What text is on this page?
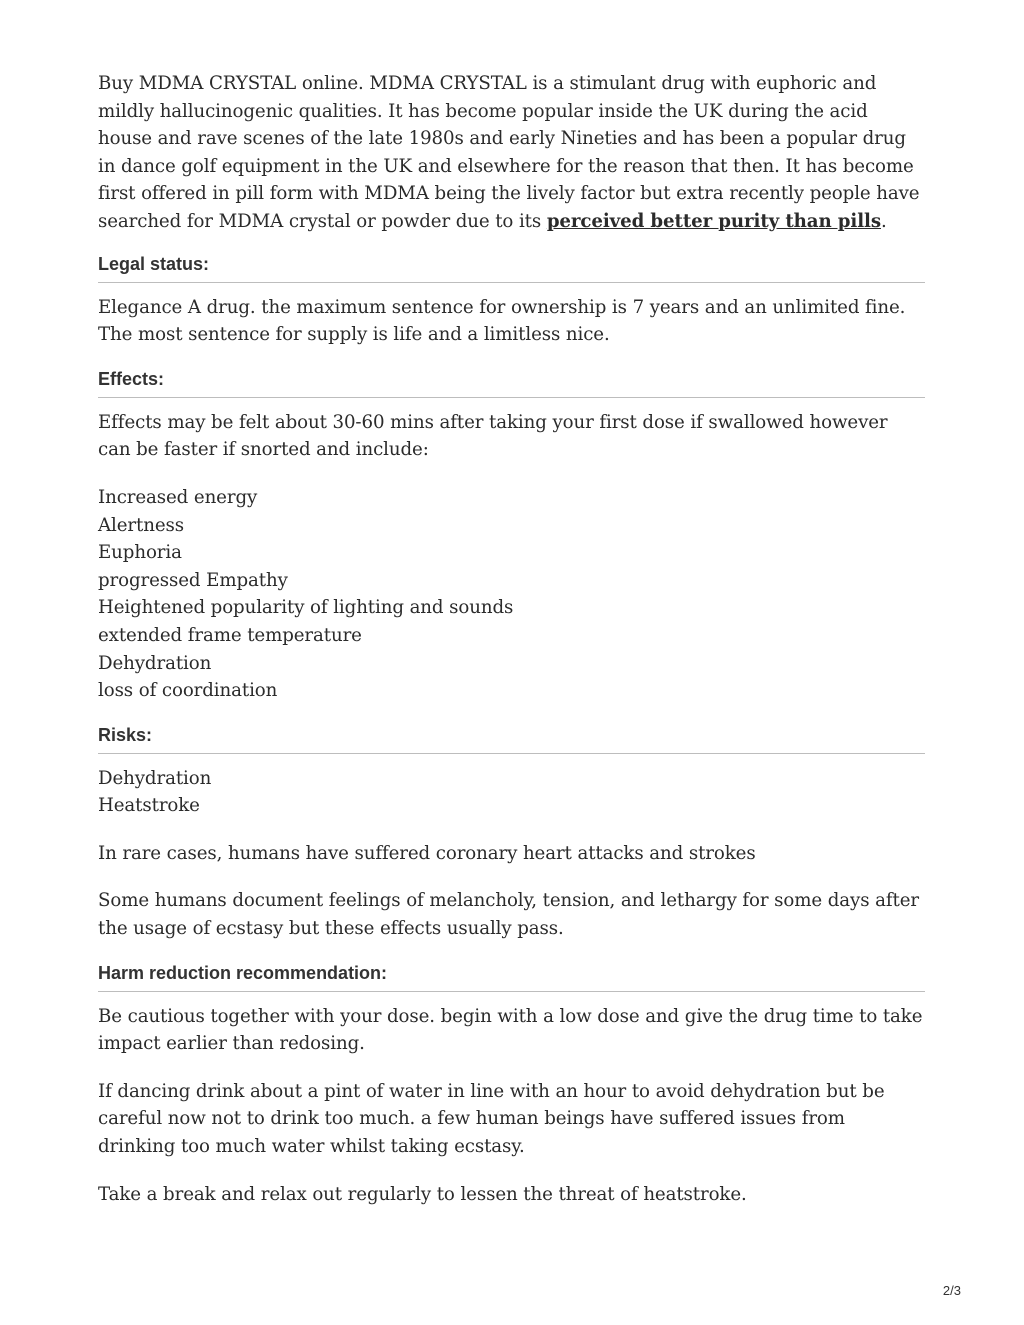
Buy MDMA CRYSTAL online. MDMA CRYSTAL is a stimulant drug with euphoric and mildly hallucinogenic qualities. It has become popular inside the UK during the acid house and rave scenes of the late 1980s and early Nineties and has been a popular drug in dance golf equipment in the UK and elsewhere for the reason that then. It has become first offered in pill form with MDMA being the lively factor but extra recently people have searched for MDMA crystal or powder due to its perceived better purity than pills.

Legal status:

Elegance A drug. the maximum sentence for ownership is 7 years and an unlimited fine. The most sentence for supply is life and a limitless nice.

Effects:

Effects may be felt about 30-60 mins after taking your first dose if swallowed however can be faster if snorted and include:

Increased energy
Alertness
Euphoria
progressed Empathy
Heightened popularity of lighting and sounds
extended frame temperature
Dehydration
loss of coordination
Risks:
Dehydration
Heatstroke

In rare cases, humans have suffered coronary heart attacks and strokes

Some humans document feelings of melancholy, tension, and lethargy for some days after the usage of ecstasy but these effects usually pass.

Harm reduction recommendation:

Be cautious together with your dose. begin with a low dose and give the drug time to take impact earlier than redosing.

If dancing drink about a pint of water in line with an hour to avoid dehydration but be careful now not to drink too much. a few human beings have suffered issues from drinking too much water whilst taking ecstasy.

Take a break and relax out regularly to lessen the threat of heatstroke.

2/3
